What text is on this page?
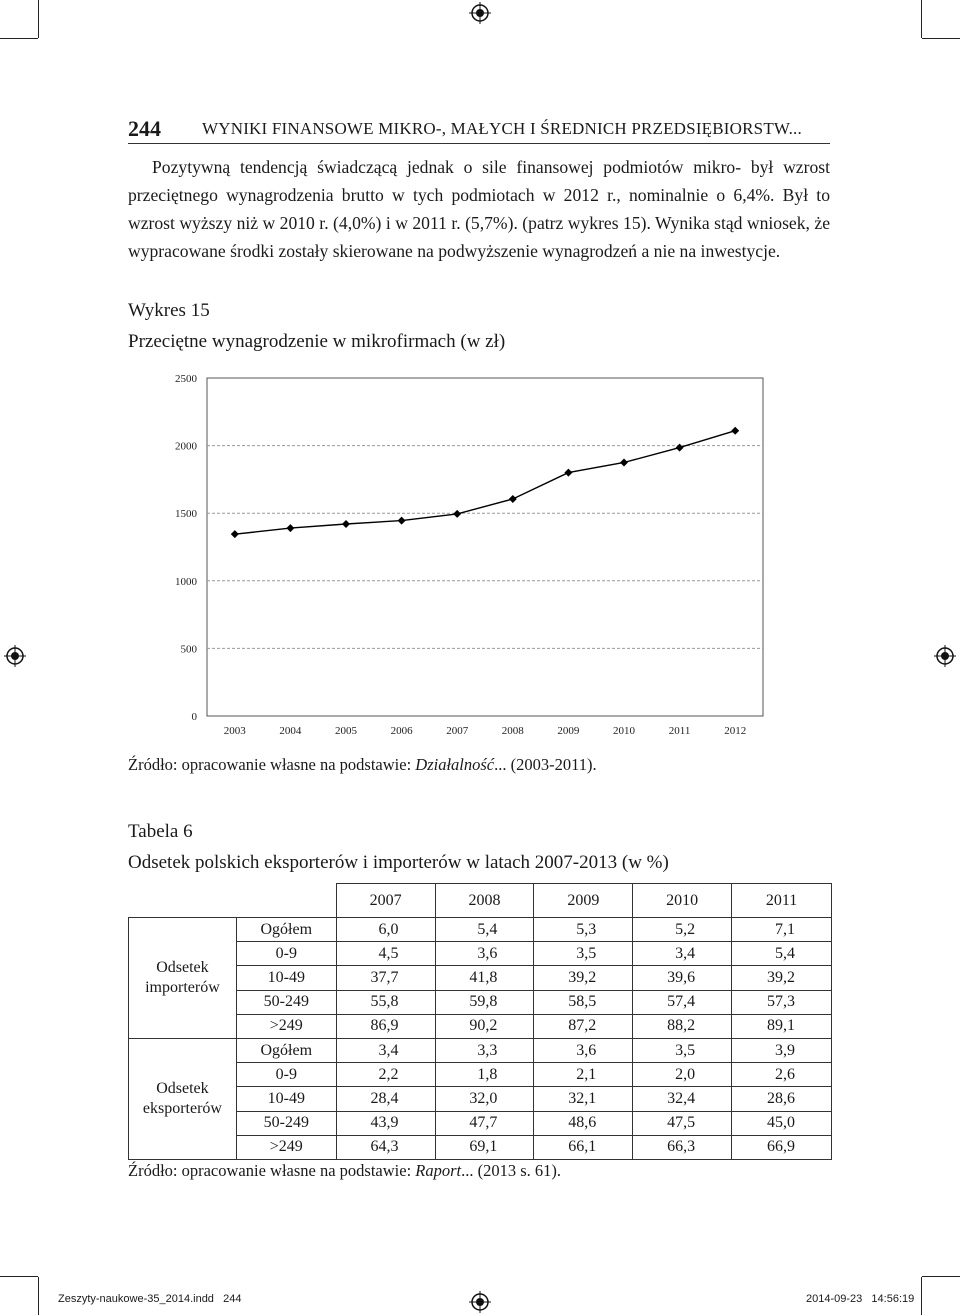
244 WYNIKI FINANSOWE MIKRO-, MAŁYCH I ŚREDNICH PRZEDSIĘBIORSTW...

Pozytywną tendencją świadczącą jednak o sile finansowej podmiotów mikro- był wzrost przeciętnego wynagrodzenia brutto w tych podmiotach w 2012 r., nominalnie o 6,4%. Był to wzrost wyższy niż w 2010 r. (4,0%) i w 2011 r. (5,7%). (patrz wykres 15). Wynika stąd wniosek, że wypracowane środki zostały skierowane na podwyższenie wynagrodzeń a nie na inwestycje.

Wykres 15
Przeciętne wynagrodzenie w mikrofirmach (w zł)
0
500
1000
1500
2000
2500
2003	2004	2005	2006	2007	2008	2009	2010	2011	2012
Źródło: opracowanie własne na podstawie: Działalność... (2003-2011).
Tabela 6
Odsetek polskich eksporterów i importerów w latach 2007-2013 (w %)
		2007	2008	2009	2010	2011
Odsetek importerów	Ogółem	6,0	5,4	5,3	5,2	7,1
	0-9	4,5	3,6	3,5	3,4	5,4
	10-49	37,7	41,8	39,2	39,6	39,2
	50-249	55,8	59,8	58,5	57,4	57,3
	>249	86,9	90,2	87,2	88,2	89,1
Odsetek eksporterów	Ogółem	3,4	3,3	3,6	3,5	3,9
	0-9	2,2	1,8	2,1	2,0	2,6
	10-49	28,4	32,0	32,1	32,4	28,6
	50-249	43,9	47,7	48,6	47,5	45,0
	>249	64,3	69,1	66,1	66,3	66,9
Źródło: opracowanie własne na podstawie: Raport... (2013 s. 61).
Zeszyty-naukowe-35_2014.indd   244	2014-09-23   14:56:19
